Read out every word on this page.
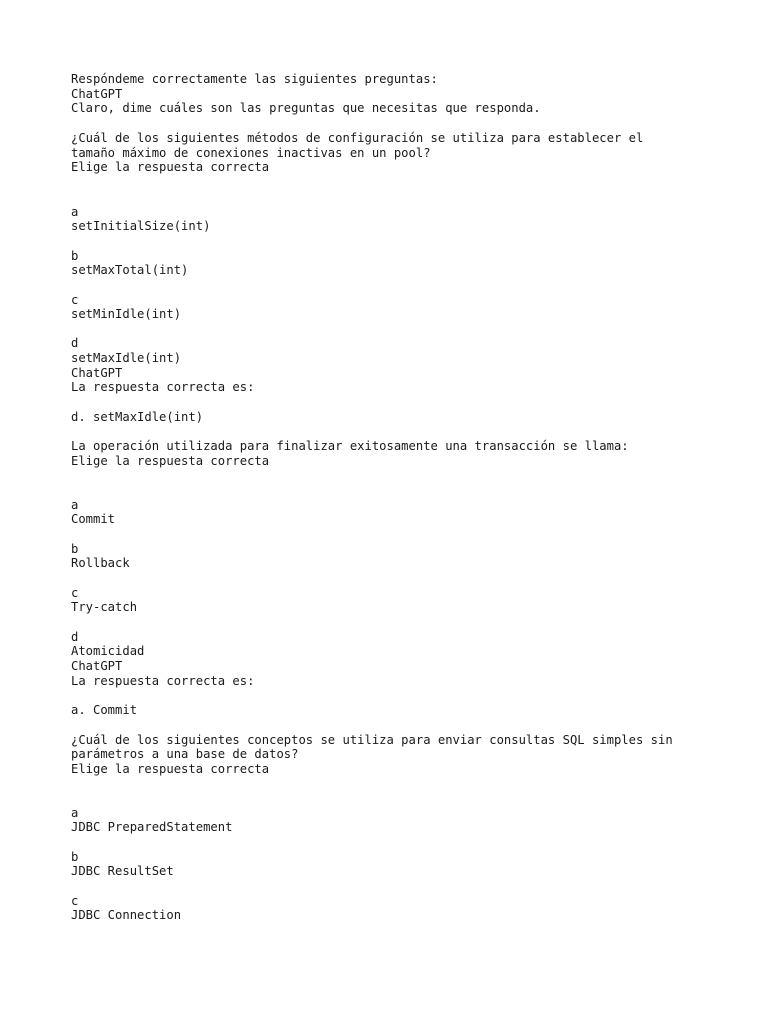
Respóndeme correctamente las siguientes preguntas:

ChatGPT

Claro, dime cuáles son las preguntas que necesitas que responda.

¿Cuál de los siguientes métodos de configuración se utiliza para establecer el

tamaño máximo de conexiones inactivas en un pool?

Elige la respuesta correcta

a

setInitialSize(int)

b

setMaxTotal(int)

c

setMinIdle(int)

d

setMaxIdle(int)

ChatGPT

La respuesta correcta es:

d. setMaxIdle(int)

La operación utilizada para finalizar exitosamente una transacción se llama:

Elige la respuesta correcta

a

Commit

b

Rollback

c

Try-catch

d

Atomicidad

ChatGPT

La respuesta correcta es:

a. Commit

¿Cuál de los siguientes conceptos se utiliza para enviar consultas SQL simples sin

parámetros a una base de datos?

Elige la respuesta correcta

a

JDBC PreparedStatement

b

JDBC ResultSet

c

JDBC Connection
